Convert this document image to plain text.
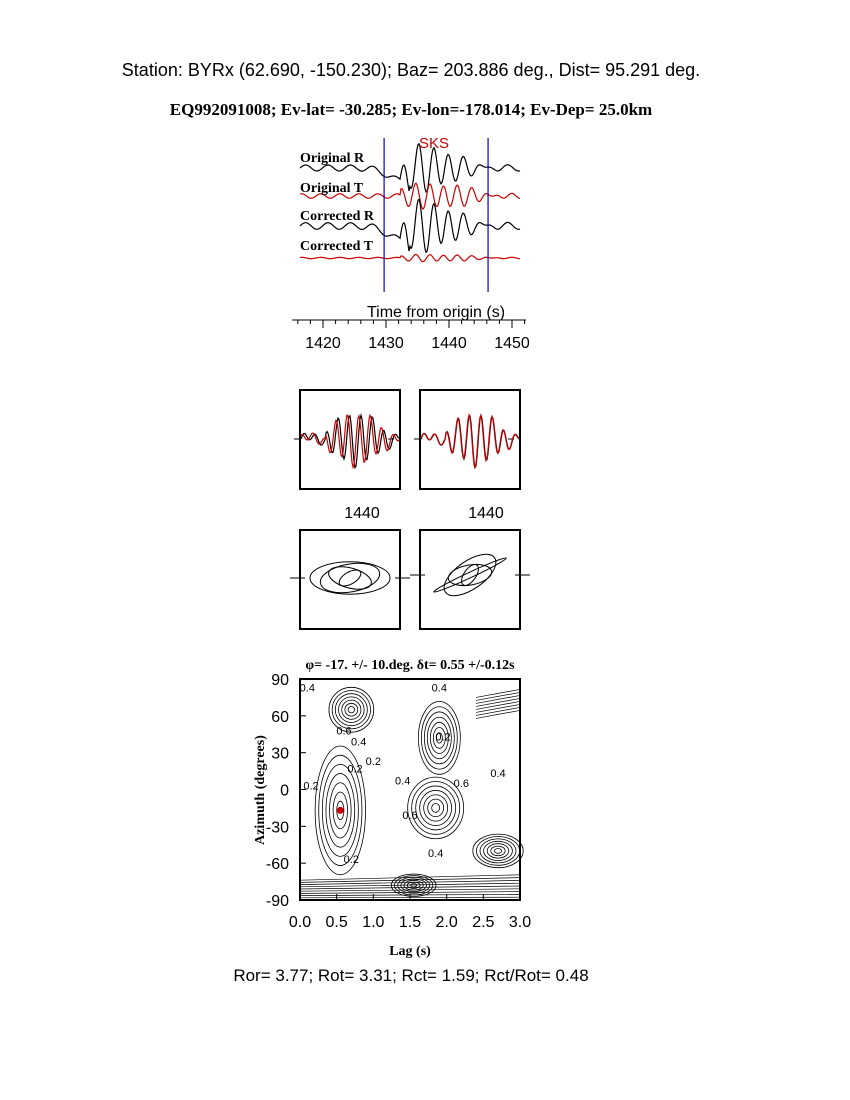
Station: BYRx (62.690, -150.230); Baz= 203.886 deg., Dist= 95.291 deg.
EQ992091008; Ev-lat= -30.285; Ev-lon=-178.014; Ev-Dep= 25.0km
SKS
Original R
Original T
Corrected R
Corrected T
Time from origin (s)
1420 1430 1440 1450
1440	1440
φ= -17. +/- 10.deg. δt= 0.55 +/-0.12s
0.4
0.6
0.4
0.2
0.2
0.4
0.2
0.6
0.6
0.4
0.4
0.2
0.4
0.2
0.0 0.5 1.0 1.5 2.0 2.5 3.0
90
60
30
0
-30
-60
-90
Lag (s)
Azimuth (degrees)
Ror= 3.77; Rot= 3.31; Rct= 1.59; Rct/Rot= 0.48
